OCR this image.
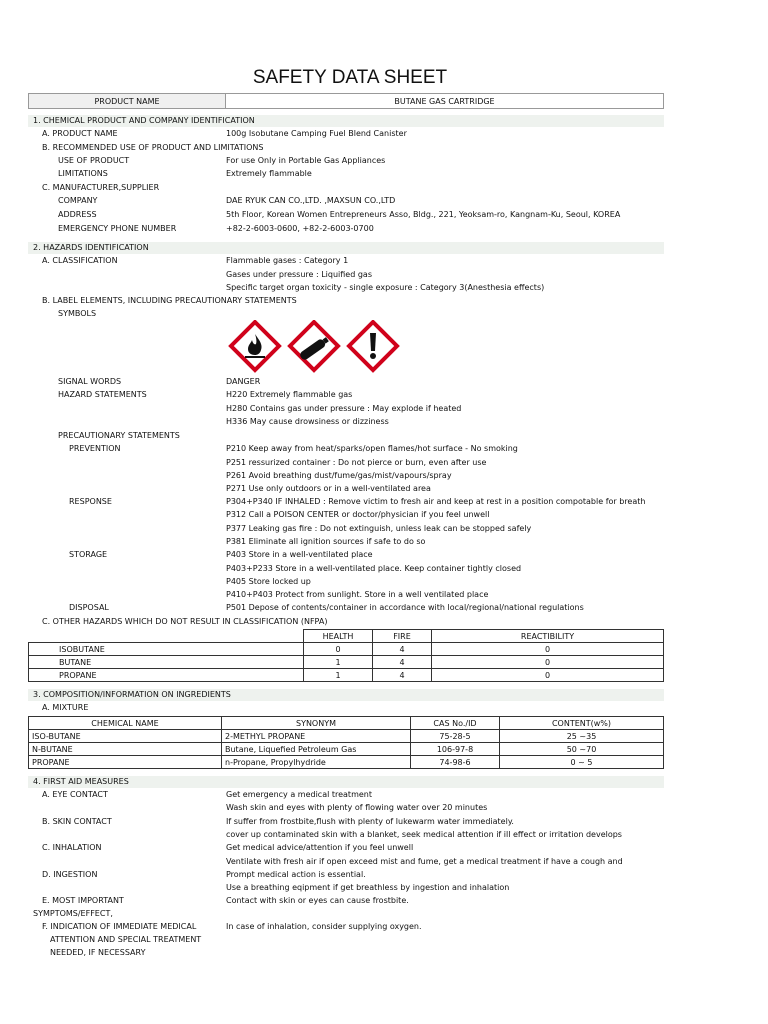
SAFETY DATA SHEET
PRODUCT NAME	BUTANE GAS CARTRIDGE
1. CHEMICAL PRODUCT AND COMPANY IDENTIFICATION
A. PRODUCT NAME	100g Isobutane Camping Fuel Blend Canister
B. RECOMMENDED USE OF PRODUCT AND LIMITATIONS
USE OF PRODUCT	For use Only in Portable Gas Appliances
LIMITATIONS	Extremely flammable
C. MANUFACTURER,SUPPLIER
COMPANY	DAE RYUK CAN CO.,LTD. ,MAXSUN CO.,LTD
ADDRESS	5th Floor, Korean Women Entrepreneurs Asso, Bldg., 221, Yeoksam-ro, Kangnam-Ku, Seoul, KOREA
EMERGENCY PHONE NUMBER	+82-2-6003-0600, +82-2-6003-0700
2. HAZARDS IDENTIFICATION
A. CLASSIFICATION	Flammable gases : Category 1
Gases under pressure : Liquified gas
Specific target organ toxicity - single exposure : Category 3(Anesthesia effects)
B. LABEL ELEMENTS, INCLUDING PRECAUTIONARY STATEMENTS
SYMBOLS
SIGNAL WORDS	DANGER
HAZARD STATEMENTS	H220 Extremely flammable gas
H280 Contains gas under pressure : May explode if heated
H336 May cause drowsiness or dizziness
PRECAUTIONARY STATEMENTS
PREVENTION	P210 Keep away from heat/sparks/open flames/hot surface - No smoking
P251 ressurized container : Do not pierce or burn, even after use
P261 Avoid breathing dust/fume/gas/mist/vapours/spray
P271 Use only outdoors or in a well-ventilated area
RESPONSE	P304+P340 IF INHALED : Remove victim to fresh air and keep at rest in a position compotable for breath
P312 Call a POISON CENTER or doctor/physician if you feel unwell
P377 Leaking gas fire : Do not extinguish, unless leak can be stopped safely
P381 Eliminate all ignition sources if safe to do so
STORAGE	P403 Store in a well-ventilated place
P403+P233 Store in a well-ventilated place. Keep container tightly closed
P405 Store locked up
P410+P403 Protect from sunlight. Store in a well ventilated place
DISPOSAL	P501 Depose of contents/container in accordance with local/regional/national regulations
C. OTHER HAZARDS WHICH DO NOT RESULT IN CLASSIFICATION (NFPA)
	HEALTH	FIRE	REACTIBILITY
ISOBUTANE	0	4	0
BUTANE	1	4	0
PROPANE	1	4	0
3. COMPOSITION/INFORMATION ON INGREDIENTS
A. MIXTURE
CHEMICAL NAME	SYNONYM	CAS No./ID	CONTENT(w%)
ISO-BUTANE	2-METHYL PROPANE	75-28-5	25 ~35
N-BUTANE	Butane, Liquefied Petroleum Gas	106-97-8	50 ~70
PROPANE	n-Propane, Propylhydride	74-98-6	0 ~ 5
4. FIRST AID MEASURES
A. EYE CONTACT	Get emergency a medical treatment
Wash skin and eyes with plenty of flowing water over 20 minutes
B. SKIN CONTACT	If suffer from frostbite,flush with plenty of lukewarm water immediately.
cover up contaminated skin with a blanket, seek medical attention if ill effect or irritation develops
C. INHALATION	Get medical advice/attention if you feel unwell
Ventilate with fresh air if open exceed mist and fume, get a medical treatment if have a cough and
D. INGESTION	Prompt medical action is essential.
Use a breathing eqipment if get breathless by ingestion and inhalation
E. MOST IMPORTANT	Contact with skin or eyes can cause frostbite.
SYMPTOMS/EFFECT,
F. INDICATION OF IMMEDIATE MEDICAL	In case of inhalation, consider supplying oxygen.
ATTENTION AND SPECIAL TREATMENT
NEEDED, IF NECESSARY
